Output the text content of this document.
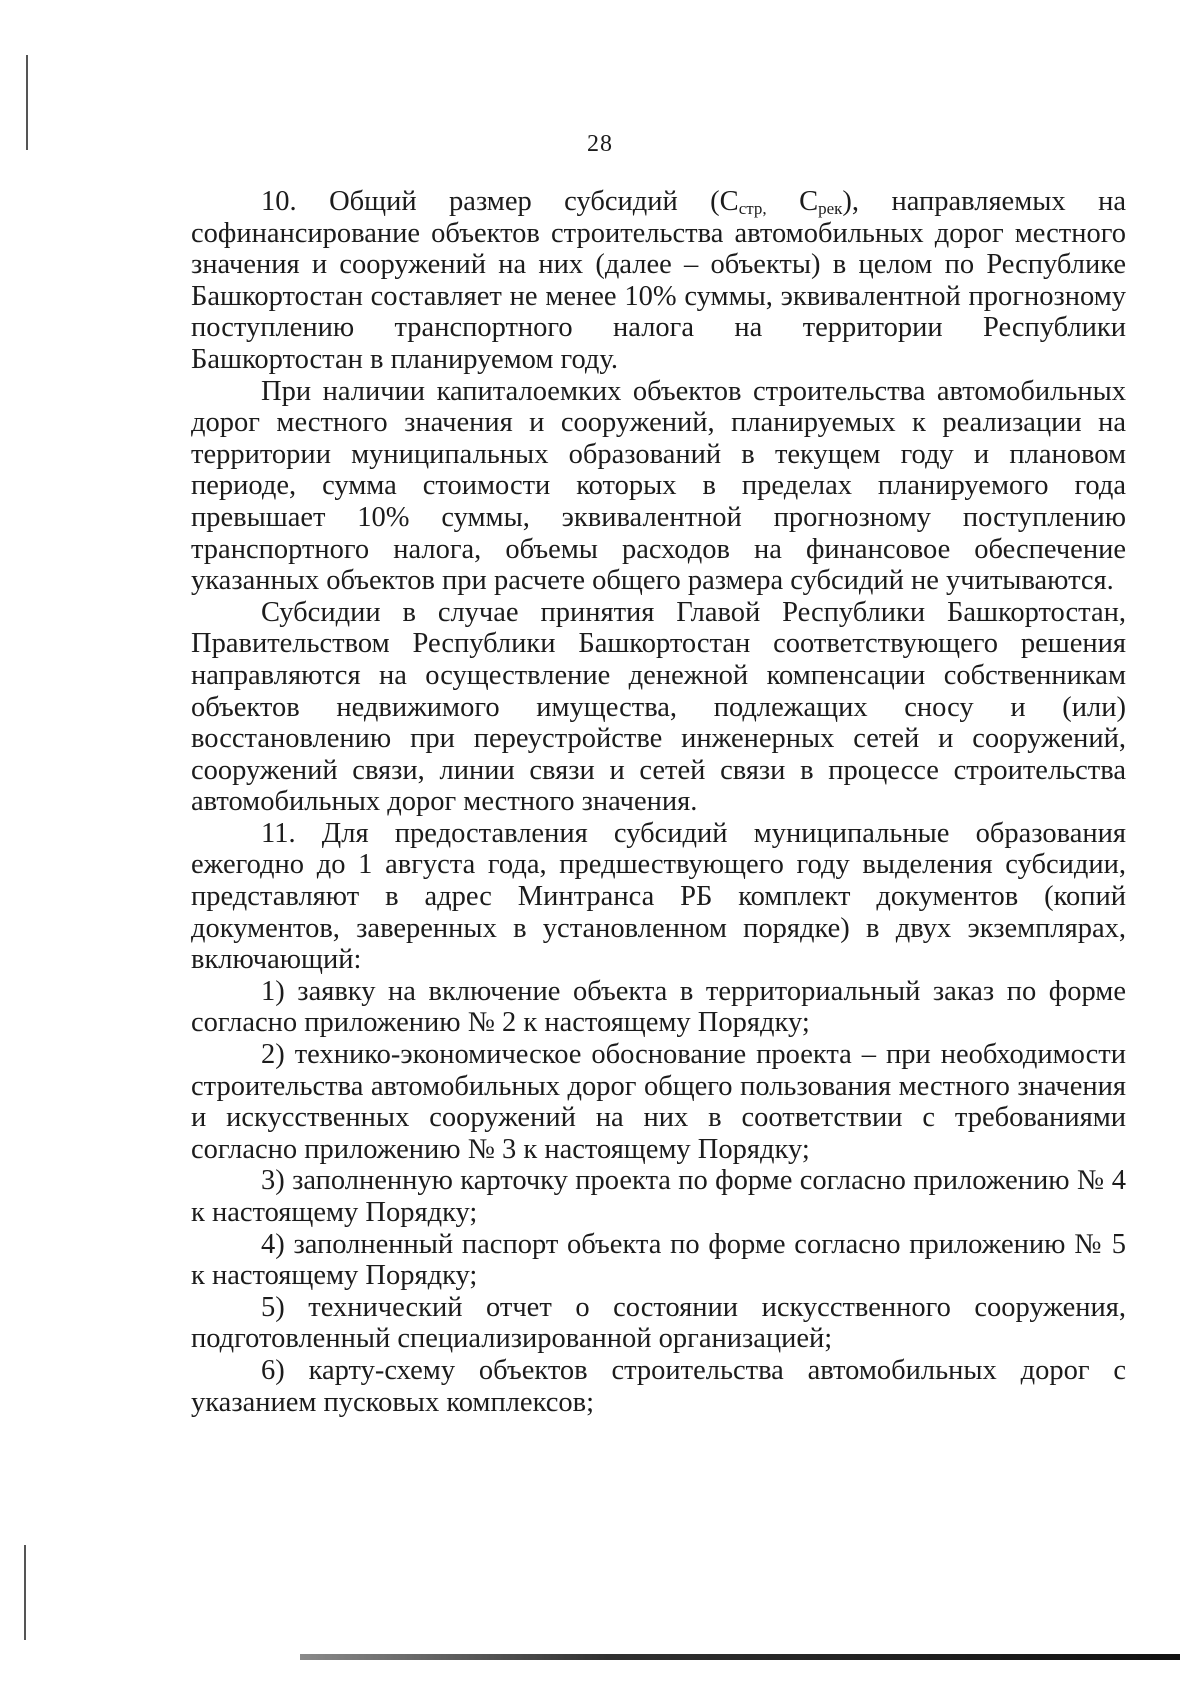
28

10. Общий размер субсидий ($С_{стр,}$ $С_{рек}$), направляемых на софинансирование объектов строительства автомобильных дорог местного значения и сооружений на них (далее – объекты) в целом по Республике Башкортостан составляет не менее 10% суммы, эквивалентной прогнозному поступлению транспортного налога на территории Республики Башкортостан в планируемом году.

При наличии капиталоемких объектов строительства автомобильных дорог местного значения и сооружений, планируемых к реализации на территории муниципальных образований в текущем году и плановом периоде, сумма стоимости которых в пределах планируемого года превышает 10% суммы, эквивалентной прогнозному поступлению транспортного налога, объемы расходов на финансовое обеспечение указанных объектов при расчете общего размера субсидий не учитываются.

Субсидии в случае принятия Главой Республики Башкортостан, Правительством Республики Башкортостан соответствующего решения направляются на осуществление денежной компенсации собственникам объектов недвижимого имущества, подлежащих сносу и (или) восстановлению при переустройстве инженерных сетей и сооружений, сооружений связи, линии связи и сетей связи в процессе строительства автомобильных дорог местного значения.

11. Для предоставления субсидий муниципальные образования ежегодно до 1 августа года, предшествующего году выделения субсидии, представляют в адрес Минтранса РБ комплект документов (копий документов, заверенных в установленном порядке) в двух экземплярах, включающий:

1) заявку на включение объекта в территориальный заказ по форме согласно приложению № 2 к настоящему Порядку;

2) технико-экономическое обоснование проекта – при необходимости строительства автомобильных дорог общего пользования местного значения и искусственных сооружений на них в соответствии с требованиями согласно приложению № 3 к настоящему Порядку;

3) заполненную карточку проекта по форме согласно приложению № 4 к настоящему Порядку;

4) заполненный паспорт объекта по форме согласно приложению № 5 к настоящему Порядку;

5) технический отчет о состоянии искусственного сооружения, подготовленный специализированной организацией;

6) карту-схему объектов строительства автомобильных дорог с указанием пусковых комплексов;
